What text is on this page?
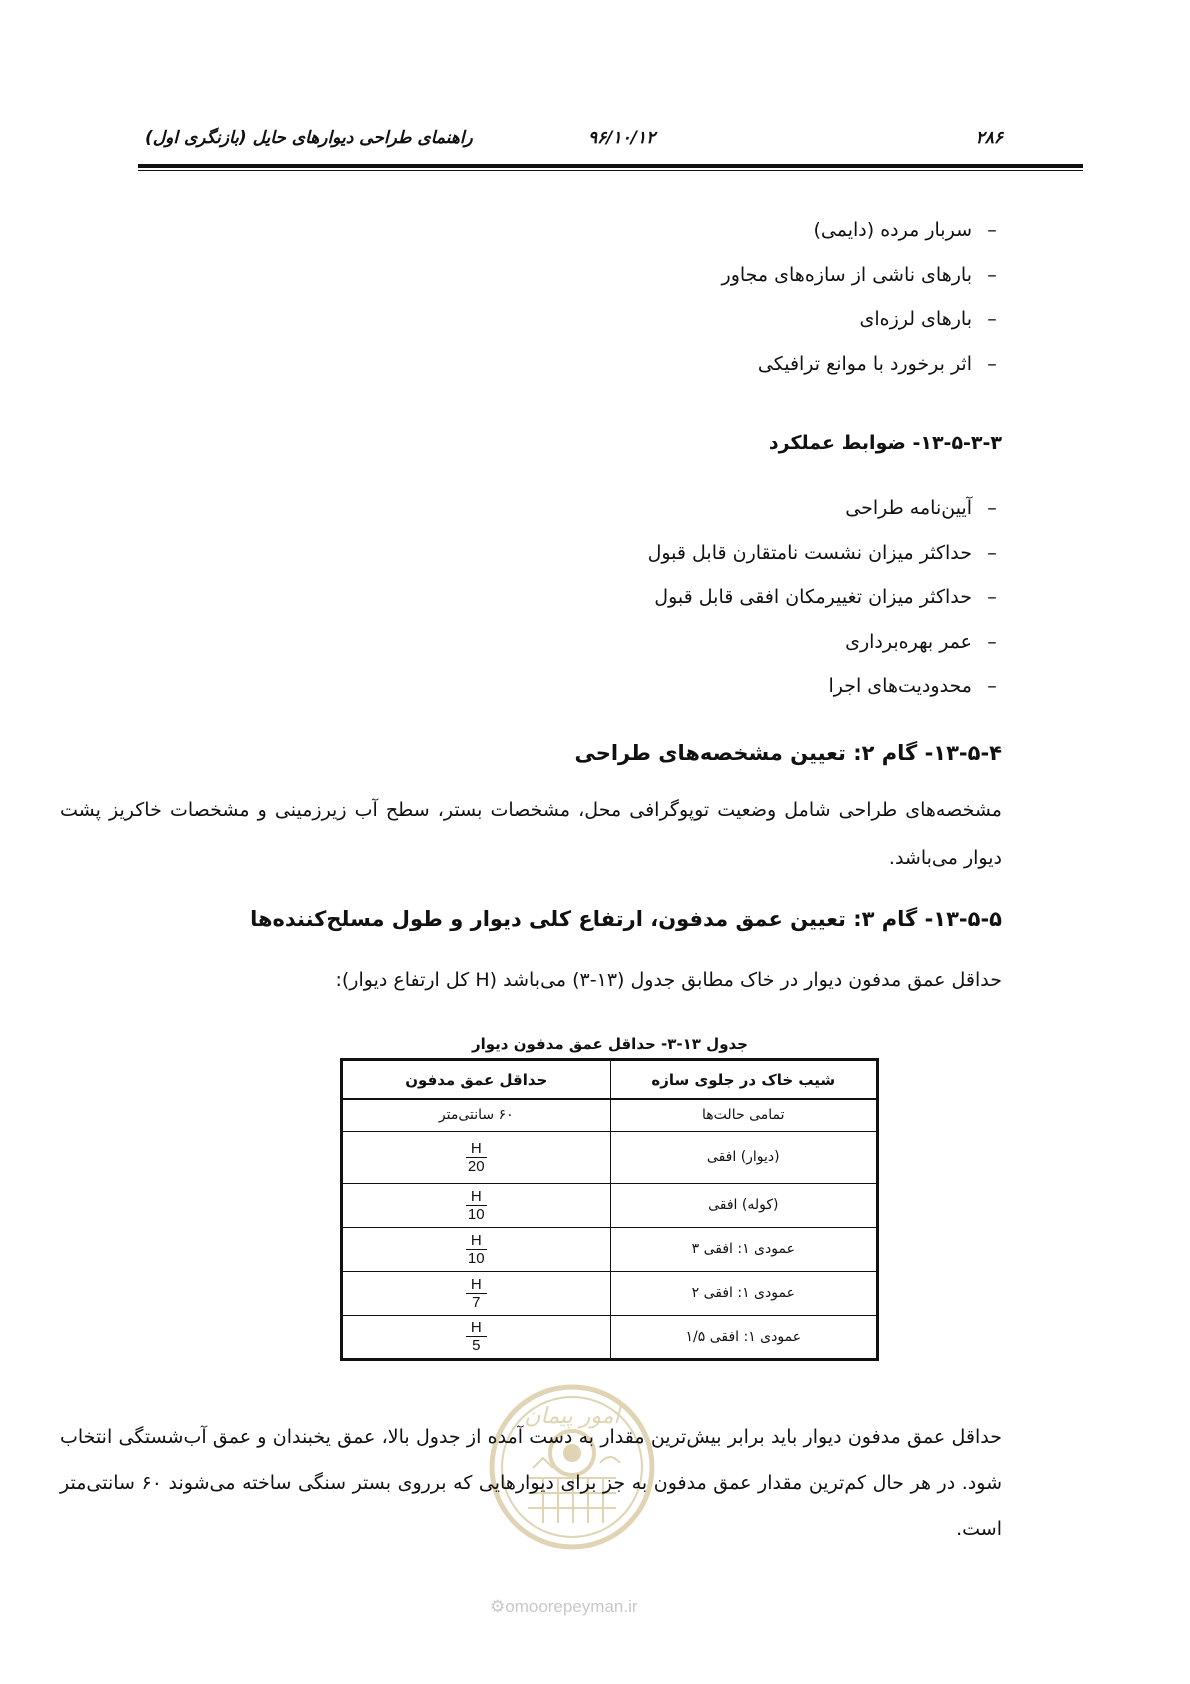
۲۸۶
۹۶/۱۰/۱۲
راهنمای طراحی دیوارهای حایل (بازنگری اول)
–سربار مرده (دایمی)
–بارهای ناشی از سازه‌های مجاور
–بارهای لرزه‌ای
–اثر برخورد با موانع ترافیکی
۱۳-۵-۳-۳- ضوابط عملکرد
–آیین‌نامه طراحی
–حداکثر میزان نشست نامتقارن قابل قبول
–حداکثر میزان تغییرمکان افقی قابل قبول
–عمر بهره‌برداری
–محدودیت‌های اجرا
۱۳-۵-۴- گام ۲: تعیین مشخصه‌های طراحی
مشخصه‌های طراحی شامل وضعیت توپوگرافی محل، مشخصات بستر، سطح آب زیرزمینی و مشخصات خاکریز پشت دیوار می‌باشد.
۱۳-۵-۵- گام ۳: تعیین عمق مدفون، ارتفاع کلی دیوار و طول مسلح‌کننده‌ها
حداقل عمق مدفون دیوار در خاک مطابق جدول (۱۳-۳) می‌باشد (H کل ارتفاع دیوار):
جدول ۱۳-۳- حداقل عمق مدفون دیوار
شیب خاک در جلوی سازه	حداقل عمق مدفون
تمامی حالت‌ها	۶۰ سانتی‌متر
(دیوار) افقی	$\frac{H}{20}$

(کوله) افقی	$\frac{H}{10}$

عمودی ۱: افقی ۳	$\frac{H}{10}$

عمودی ۱: افقی ۲	$\frac{H}{7}$

عمودی ۱: افقی ۱/۵	$\frac{H}{5}$
امور پیمان
حداقل عمق مدفون دیوار باید برابر بیش‌ترین مقدار به دست آمده از جدول بالا، عمق یخبندان و عمق آب‌شستگی انتخاب شود. در هر حال کم‌ترین مقدار عمق مدفون به جز برای دیوارهایی که برروی بستر سنگی ساخته می‌شوند ۶۰ سانتی‌متر است.
⚙omoorepeyman.ir
